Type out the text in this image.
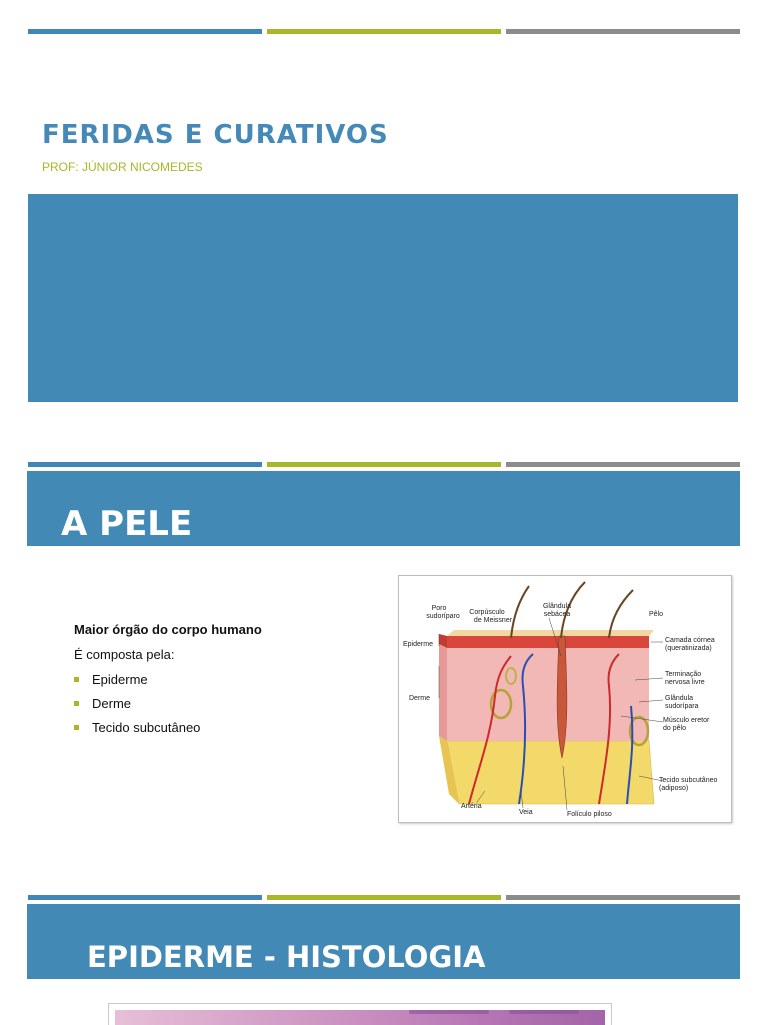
FERIDAS E CURATIVOS

PROF: JÚNIOR NICOMEDES

A PELE

Maior órgão do corpo humano

É composta pela:

Epiderme
Derme
Tecido subcutâneo
Poro
sudoríparo
Corpúsculo
de Meissner
Glândula
sebácea	Pêlo
Epiderme
Derme
Camada córnea
(queratinizada)
Terminação
nervosa livre
Glândula
sudorípara
Músculo eretor
do pêlo
Tecido subcutâneo
(adiposo)
Artéria
Veia	Folículo piloso
EPIDERME - HISTOLOGIA
